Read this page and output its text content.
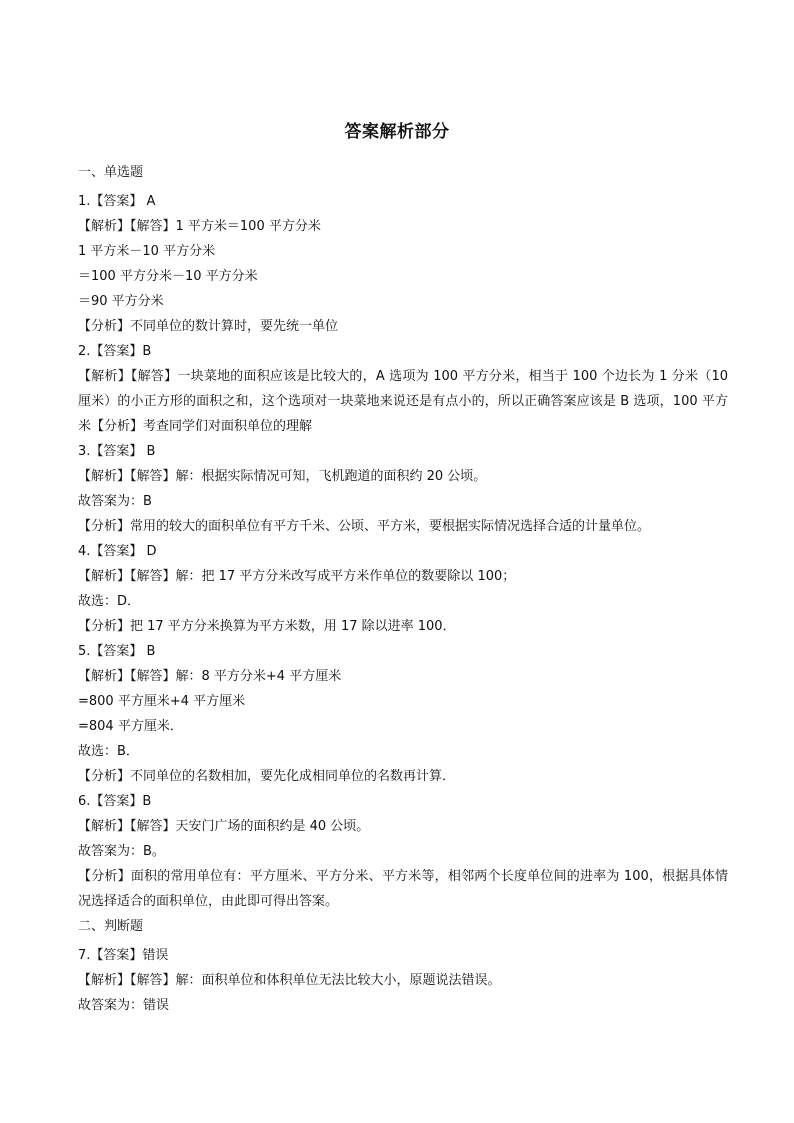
答案解析部分
一、单选题
1.【答案】 A
【解析】【解答】1 平方米＝100 平方分米
1 平方米－10 平方分米
＝100 平方分米－10 平方分米
＝90 平方分米
【分析】不同单位的数计算时，要先统一单位
2.【答案】B
【解析】【解答】一块菜地的面积应该是比较大的，A 选项为 100 平方分米，相当于 100 个边长为 1 分米（10 厘米）的小正方形的面积之和，这个选项对一块菜地来说还是有点小的，所以正确答案应该是 B 选项，100 平方米【分析】考查同学们对面积单位的理解
3.【答案】 B
【解析】【解答】解：根据实际情况可知，飞机跑道的面积约 20 公顷。
故答案为：B
【分析】常用的较大的面积单位有平方千米、公顷、平方米，要根据实际情况选择合适的计量单位。
4.【答案】 D
【解析】【解答】解：把 17 平方分米改写成平方米作单位的数要除以 100；
故选：D．
【分析】把 17 平方分米换算为平方米数，用 17 除以进率 100．
5.【答案】 B
【解析】【解答】解：8 平方分米+4 平方厘米
=800 平方厘米+4 平方厘米
=804 平方厘米．
故选：B．
【分析】不同单位的名数相加，要先化成相同单位的名数再计算．
6.【答案】B
【解析】【解答】天安门广场的面积约是 40 公顷。
故答案为：B。
【分析】面积的常用单位有：平方厘米、平方分米、平方米等，相邻两个长度单位间的进率为 100，根据具体情况选择适合的面积单位，由此即可得出答案。
二、判断题
7.【答案】错误
【解析】【解答】解：面积单位和体积单位无法比较大小，原题说法错误。
故答案为：错误
